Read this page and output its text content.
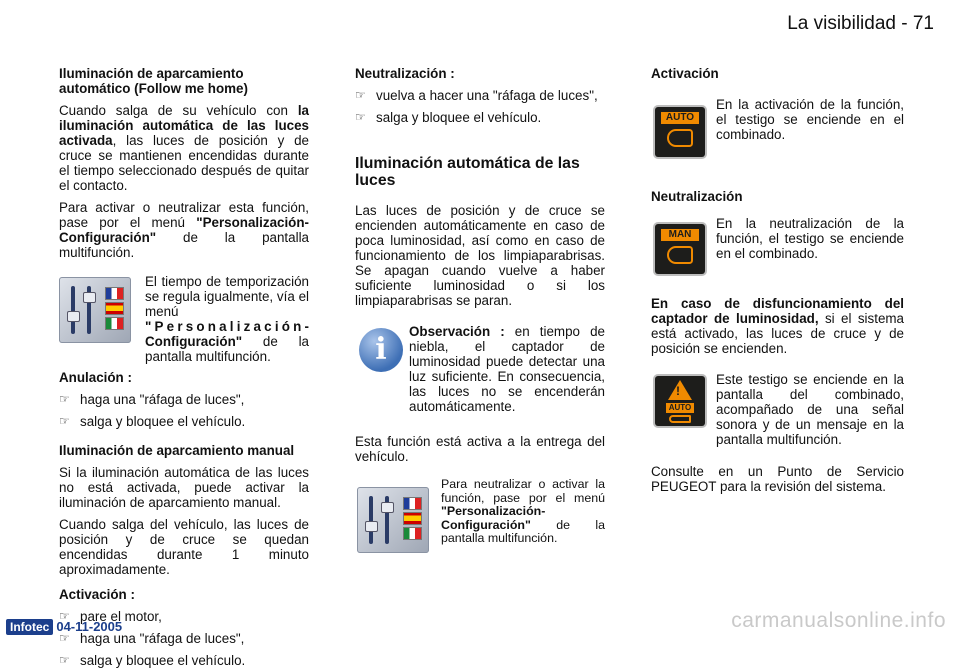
La visibilidad - 71
Iluminación de aparcamiento automático (Follow me home)

Cuando salga de su vehículo con la iluminación automática de las luces activada, las luces de posición y de cruce se mantienen encendidas durante el tiempo seleccionado después de quitar el contacto.

Para activar o neutralizar esta función, pase por el menú "Personalización-Configuración" de la pantalla multifunción.

El tiempo de temporización se regula igualmente, vía el menú "Personalización-Configuración" de la pantalla multifunción.

Anulación :
☞ haga una "ráfaga de luces",
☞ salga y bloquee el vehículo.
Iluminación de aparcamiento manual

Si la iluminación automática de las luces no está activada, puede activar la iluminación de aparcamiento manual.

Cuando salga del vehículo, las luces de posición y de cruce se quedan encendidas durante 1 minuto aproximadamente.

Activación :
☞ pare el motor,
☞ haga una "ráfaga de luces",
☞ salga y bloquee el vehículo.
Neutralización :
☞ vuelva a hacer una "ráfaga de luces",
☞ salga y bloquee el vehículo.
Iluminación automática de las luces

Las luces de posición y de cruce se encienden automáticamente en caso de poca luminosidad, así como en caso de funcionamiento de los limpiaparabrisas. Se apagan cuando vuelve a haber suficiente luminosidad o si los limpiaparabrisas se paran.

i

Observación : en tiempo de niebla, el captador de luminosidad puede detectar una luz suficiente. En consecuencia, las luces no se encenderán automáticamente.

Esta función está activa a la entrega del vehículo.

Para neutralizar o activar la función, pase por el menú "Personalización-Configuración" de la pantalla multifunción.

Activación
AUTO

En la activación de la función, el testigo se enciende en el combinado.

Neutralización
MAN

En la neutralización de la función, el testigo se enciende en el combinado.

En caso de disfuncionamiento del captador de luminosidad, si el sistema está activado, las luces de cruce y de posición se encienden.

!
AUTO

Este testigo se enciende en la pantalla del combinado, acompañado de una señal sonora y de un mensaje en la pantalla multifunción.

Consulte en un Punto de Servicio PEUGEOT para la revisión del sistema.

Infotec 04-11-2005	carmanualsonline.info
